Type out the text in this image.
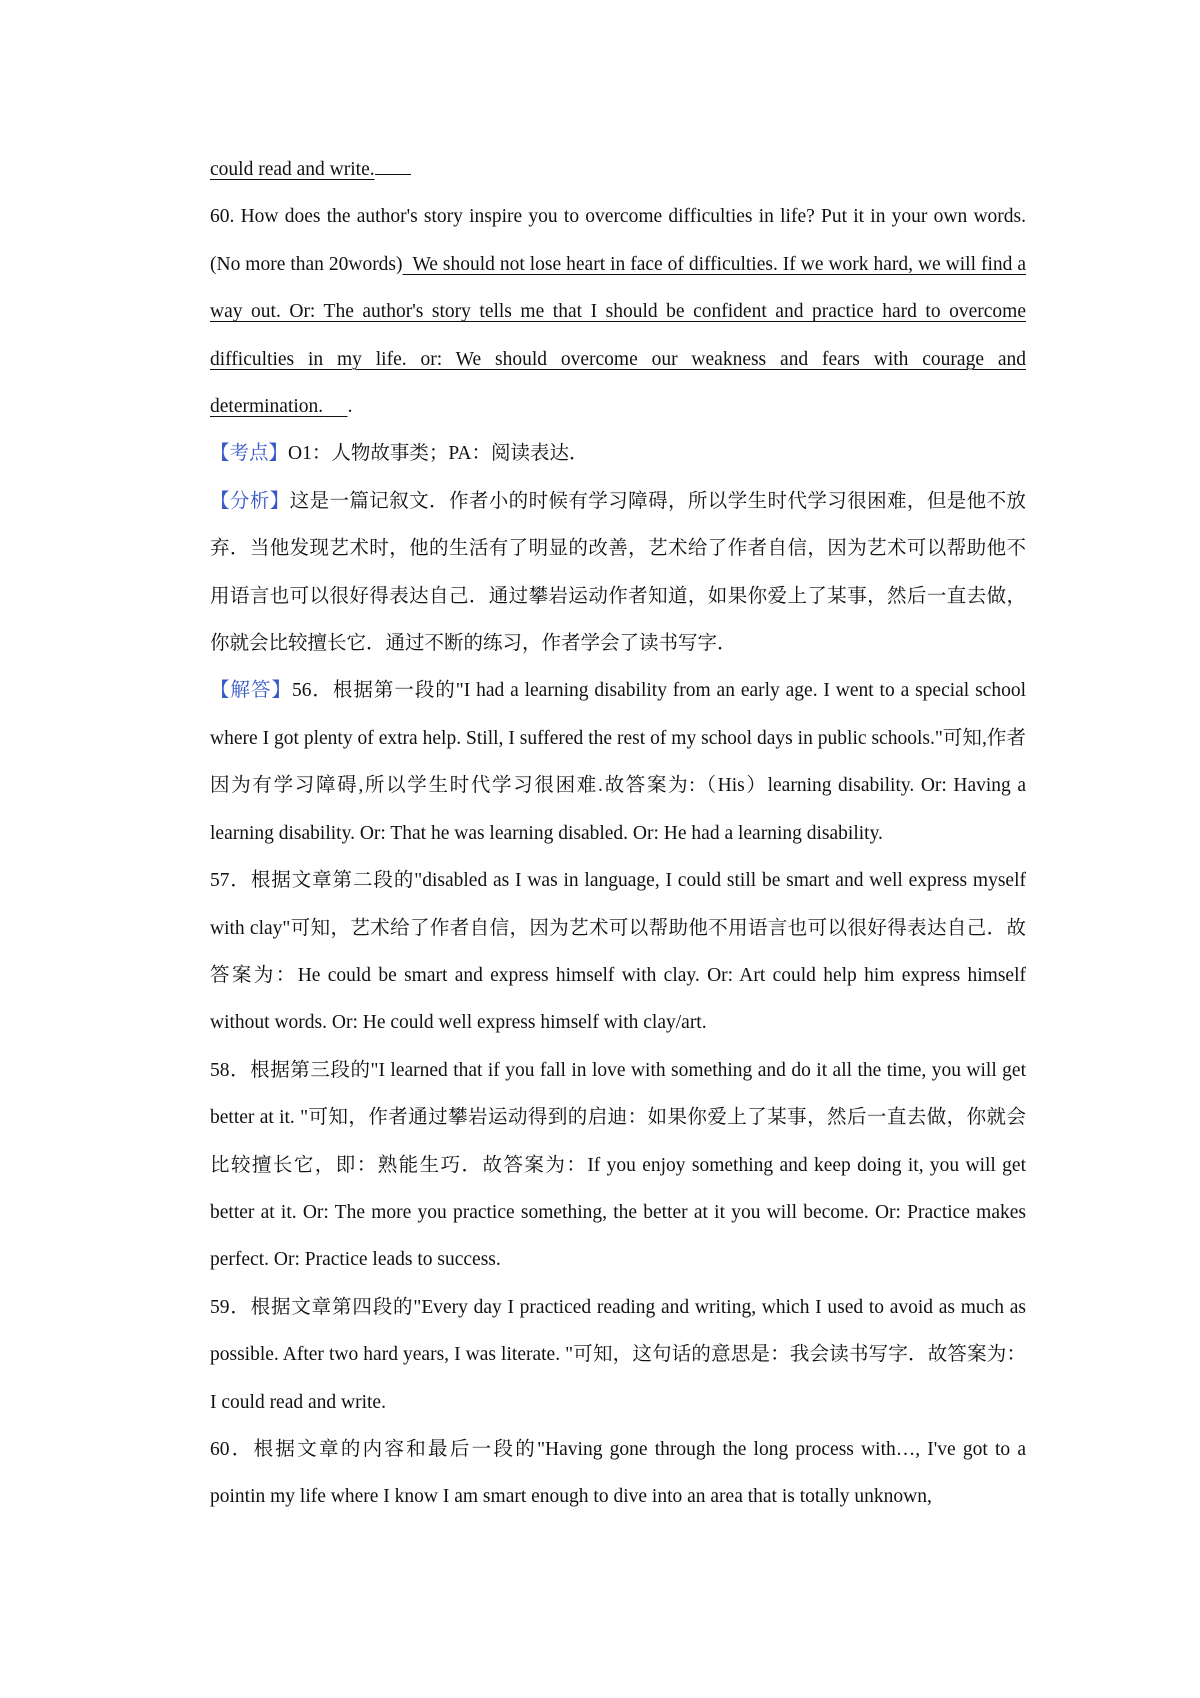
could read and write.

60. How does the author's story inspire you to overcome difficulties in life? Put it in your own words. (No more than 20words) We should not lose heart in face of difficulties. If we work hard, we will find a way out. Or: The author's story tells me that I should be confident and practice hard to overcome difficulties in my life. or: We should overcome our weakness and fears with courage and determination. .

【考点】O1：人物故事类；PA：阅读表达．

【分析】这是一篇记叙文．作者小的时候有学习障碍，所以学生时代学习很困难，但是他不放弃．当他发现艺术时，他的生活有了明显的改善，艺术给了作者自信，因为艺术可以帮助他不用语言也可以很好得表达自己．通过攀岩运动作者知道，如果你爱上了某事，然后一直去做，你就会比较擅长它．通过不断的练习，作者学会了读书写字．

【解答】56．根据第一段的"I had a learning disability from an early age. I went to a special school where I got plenty of extra help. Still, I suffered the rest of my school days in public schools."可知,作者因为有学习障碍,所以学生时代学习很困难.故答案为:（His）learning disability. Or: Having a learning disability. Or: That he was learning disabled. Or: He had a learning disability.

57．根据文章第二段的"disabled as I was in language, I could still be smart and well express myself with clay"可知，艺术给了作者自信，因为艺术可以帮助他不用语言也可以很好得表达自己．故答案为：He could be smart and express himself with clay. Or: Art could help him express himself without words. Or: He could well express himself with clay/art.

58．根据第三段的"I learned that if you fall in love with something and do it all the time, you will get better at it. "可知，作者通过攀岩运动得到的启迪：如果你爱上了某事，然后一直去做，你就会比较擅长它，即：熟能生巧．故答案为：If you enjoy something and keep doing it, you will get better at it. Or: The more you practice something, the better at it you will become. Or: Practice makes perfect. Or: Practice leads to success.

59．根据文章第四段的"Every day I practiced reading and writing, which I used to avoid as much as possible. After two hard years, I was literate. "可知，这句话的意思是：我会读书写字．故答案为：I could read and write.

60．根据文章的内容和最后一段的"Having gone through the long process with…, I've got to a pointin my life where I know I am smart enough to dive into an area that is totally unknown,
